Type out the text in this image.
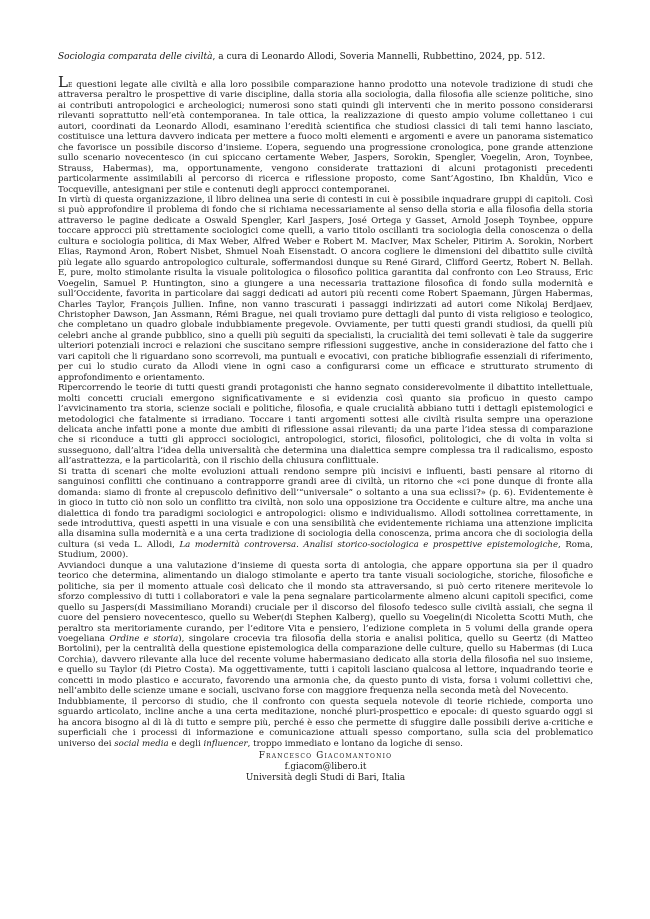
Sociologia comparata delle civiltà, a cura di Leonardo Allodi, Soveria Mannelli, Rubbettino, 2024, pp. 512.

Le questioni legate alle civiltà e alla loro possibile comparazione hanno prodotto una notevole tradizione di studi che attraversa peraltro le prospettive di varie discipline, dalla storia alla sociologia, dalla filosofia alle scienze politiche, sino ai contributi antropologici e archeologici; numerosi sono stati quindi gli interventi che in merito possono considerarsi rilevanti soprattutto nell’età contemporanea. In tale ottica, la realizzazione di questo ampio volume collettaneo i cui autori, coordinati da Leonardo Allodi, esaminano l’eredità scientifica che studiosi classici di tali temi hanno lasciato, costituisce una lettura davvero indicata per mettere a fuoco molti elementi e argomenti e avere un panorama sistematico che favorisce un possibile discorso d’insieme. L’opera, seguendo una progressione cronologica, pone grande attenzione sullo scenario novecentesco (in cui spiccano certamente Weber, Jaspers, Sorokin, Spengler, Voegelin, Aron, Toynbee, Strauss, Habermas), ma, opportunamente, vengono considerate trattazioni di alcuni protagonisti precedenti particolarmente assimilabili al percorso di ricerca e riflessione proposto, come Sant’Agostino, Ibn Khaldūn, Vico e Tocqueville, antesignani per stile e contenuti degli approcci contemporanei.

In virtù di questa organizzazione, il libro delinea una serie di contesti in cui è possibile inquadrare gruppi di capitoli. Così si può approfondire il problema di fondo che si richiama necessariamente al senso della storia e alla filosofia della storia attraverso le pagine dedicate a Oswald Spengler, Karl Jaspers, José Ortega y Gasset, Arnold Joseph Toynbee, oppure toccare approcci più strettamente sociologici come quelli, a vario titolo oscillanti tra sociologia della conoscenza o della cultura e sociologia politica, di Max Weber, Alfred Weber e Robert M. MacIver, Max Scheler, Pitirim A. Sorokin, Norbert Elias, Raymond Aron, Robert Nisbet, Shmuel Noah Eisenstadt. O ancora cogliere le dimensioni del dibattito sulle civiltà più legate allo sguardo antropologico culturale, soffermandosi dunque su René Girard, Clifford Geertz, Robert N. Bellah. E, pure, molto stimolante risulta la visuale politologica o filosofico politica garantita dal confronto con Leo Strauss, Eric Voegelin, Samuel P. Huntington, sino a giungere a una necessaria trattazione filosofica di fondo sulla modernità e sull’Occidente, favorita in particolare dai saggi dedicati ad autori più recenti come Robert Spaemann, Jürgen Habermas, Charles Taylor, François Jullien. Infine, non vanno trascurati i passaggi indirizzati ad autori come Nikolaj Berdjaev, Christopher Dawson, Jan Assmann, Rémi Brague, nei quali troviamo pure dettagli dal punto di vista religioso e teologico, che completano un quadro globale indubbiamente pregevole. Ovviamente, per tutti questi grandi studiosi, da quelli più celebri anche al grande pubblico, sino a quelli più seguiti da specialisti, la crucialità dei temi sollevati è tale da suggerire ulteriori potenziali incroci e relazioni che suscitano sempre riflessioni suggestive, anche in considerazione del fatto che i vari capitoli che li riguardano sono scorrevoli, ma puntuali e evocativi, con pratiche bibliografie essenziali di riferimento, per cui lo studio curato da Allodi viene in ogni caso a configurarsi come un efficace e strutturato strumento di approfondimento e orientamento.

Ripercorrendo le teorie di tutti questi grandi protagonisti che hanno segnato considerevolmente il dibattito intellettuale, molti concetti cruciali emergono significativamente e si evidenzia così quanto sia proficuo in questo campo l’avvicinamento tra storia, scienze sociali e politiche, filosofia, e quale crucialità abbiano tutti i dettagli epistemologici e metodologici che fatalmente si irradiano. Toccare i tanti argomenti sottesi alle civiltà risulta sempre una operazione delicata anche infatti pone a monte due ambiti di riflessione assai rilevanti; da una parte l’idea stessa di comparazione che si riconduce a tutti gli approcci sociologici, antropologici, storici, filosofici, politologici, che di volta in volta si susseguono, dall’altra l’idea della universalità che determina una dialettica sempre complessa tra il radicalismo, esposto all’astrattezza, e la particolarità, con il rischio della chiusura conflittuale.

Si tratta di scenari che molte evoluzioni attuali rendono sempre più incisivi e influenti, basti pensare al ritorno di sanguinosi conflitti che continuano a contrapporre grandi aree di civiltà, un ritorno che «ci pone dunque di fronte alla domanda: siamo di fronte al crepuscolo definitivo dell’“universale” o soltanto a una sua eclissi?» (p. 6). Evidentemente è in gioco in tutto ciò non solo un conflitto tra civiltà, non solo una opposizione tra Occidente e culture altre, ma anche una dialettica di fondo tra paradigmi sociologici e antropologici: olismo e individualismo. Allodi sottolinea correttamente, in sede introduttiva, questi aspetti in una visuale e con una sensibilità che evidentemente richiama una attenzione implicita alla disamina sulla modernità e a una certa tradizione di sociologia della conoscenza, prima ancora che di sociologia della cultura (si veda L. Allodi, La modernità controversa. Analisi storico-sociologica e prospettive epistemologiche, Roma, Studium, 2000).

Avviandoci dunque a una valutazione d’insieme di questa sorta di antologia, che appare opportuna sia per il quadro teorico che determina, alimentando un dialogo stimolante e aperto tra tante visuali sociologiche, storiche, filosofiche e politiche, sia per il momento attuale così delicato che il mondo sta attraversando, si può certo ritenere meritevole lo sforzo complessivo di tutti i collaboratori e vale la pena segnalare particolarmente almeno alcuni capitoli specifici, come quello su Jaspers(di Massimiliano Morandi) cruciale per il discorso del filosofo tedesco sulle civiltà assiali, che segna il cuore del pensiero novecentesco, quello su Weber(di Stephen Kalberg), quello su Voegelin(di Nicoletta Scotti Muth, che peraltro sta meritoriamente curando, per l’editore Vita e pensiero, l’edizione completa in 5 volumi della grande opera voegeliana Ordine e storia), singolare crocevia tra filosofia della storia e analisi politica, quello su Geertz (di Matteo Bortolini), per la centralità della questione epistemologica della comparazione delle culture, quello su Habermas (di Luca Corchia), davvero rilevante alla luce del recente volume habermasiano dedicato alla storia della filosofia nel suo insieme, e quello su Taylor (di Pietro Costa). Ma oggettivamente, tutti i capitoli lasciano qualcosa al lettore, inquadrando teorie e concetti in modo plastico e accurato, favorendo una armonia che, da questo punto di vista, forsa i volumi collettivi che, nell’ambito delle scienze umane e sociali, uscivano forse con maggiore frequenza nella seconda metà del Novecento.

Indubbiamente, il percorso di studio, che il confronto con questa sequela notevole di teorie richiede, comporta uno sguardo articolato, incline anche a una certa meditazione, nonché pluri-prospettico e epocale: di questo sguardo oggi si ha ancora bisogno al di là di tutto e sempre più, perché è esso che permette di sfuggire dalle possibili derive a-critiche e superficiali che i processi di informazione e comunicazione attuali spesso comportano, sulla scia del problematico universo dei social media e degli influencer, troppo immediato e lontano da logiche di senso.

Francesco Giacomantonio
f.giacom@libero.it
Università degli Studi di Bari, Italia
